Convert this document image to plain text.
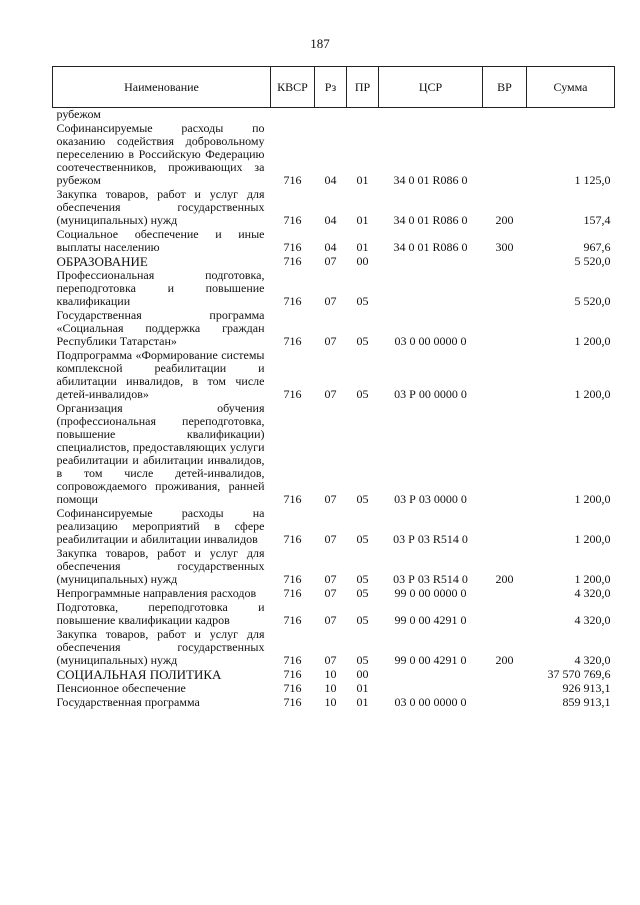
187
Наименование	КВСР	Рз	ПР	ЦСР	ВР	Сумма
рубежом						
Софинансируемые расходы по оказанию содействия добровольному переселению в Российскую Федерацию соотечественников, проживающих за рубежом	716	04	01	34 0 01 R086 0		1 125,0
Закупка товаров, работ и услуг для обеспечения государственных (муниципальных) нужд	716	04	01	34 0 01 R086 0	200	157,4
Социальное обеспечение и иные выплаты населению	716	04	01	34 0 01 R086 0	300	967,6
ОБРАЗОВАНИЕ	716	07	00			5 520,0
Профессиональная подготовка, переподготовка и повышение квалификации	716	07	05			5 520,0
Государственная программа «Социальная поддержка граждан Республики Татарстан»	716	07	05	03 0 00 0000 0		1 200,0
Подпрограмма «Формирование системы комплексной реабилитации и абилитации инвалидов, в том числе детей-инвалидов»	716	07	05	03 Р 00 0000 0		1 200,0
Организация обучения (профессиональная переподготовка, повышение квалификации) специалистов, предоставляющих услуги реабилитации и абилитации инвалидов, в том числе детей-инвалидов, сопровождаемого проживания, ранней помощи	716	07	05	03 Р 03 0000 0		1 200,0
Софинансируемые расходы на реализацию мероприятий в сфере реабилитации и абилитации инвалидов	716	07	05	03 Р 03 R514 0		1 200,0
Закупка товаров, работ и услуг для обеспечения государственных (муниципальных) нужд	716	07	05	03 Р 03 R514 0	200	1 200,0
Непрограммные направления расходов	716	07	05	99 0 00 0000 0		4 320,0
Подготовка, переподготовка и повышение квалификации кадров	716	07	05	99 0 00 4291 0		4 320,0
Закупка товаров, работ и услуг для обеспечения государственных (муниципальных) нужд	716	07	05	99 0 00 4291 0	200	4 320,0
СОЦИАЛЬНАЯ ПОЛИТИКА	716	10	00			37 570 769,6
Пенсионное обеспечение	716	10	01			926 913,1
Государственная программа	716	10	01	03 0 00 0000 0		859 913,1
